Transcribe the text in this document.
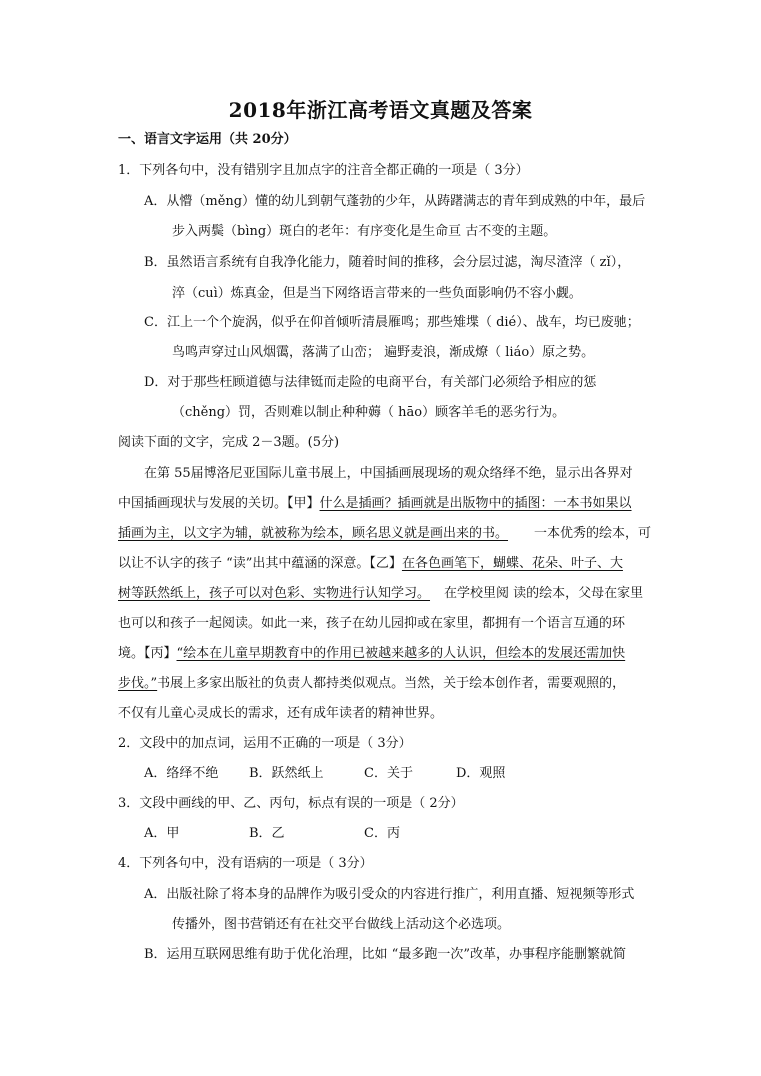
2018年浙江高考语文真题及答案
一、语言文字运用（共 20分）
1．下列各句中，没有错别字且加点字的注音全都正确的一项是（ 3分）
A．从懵（měng）懂的幼儿到朝气蓬勃的少年，从踌躇满志的青年到成熟的中年，最后
步入两鬓（bìng）斑白的老年：有序变化是生命亘 古不变的主题。
B．虽然语言系统有自我净化能力，随着时间的推移，会分层过滤，淘尽渣滓（ zǐ），
淬（cuì）炼真金，但是当下网络语言带来的一些负面影响仍不容小觑。
C．江上一个个旋涡，似乎在仰首倾听清晨雁鸣；那些雉堞（ dié）、战车，均已废驰；
鸟鸣声穿过山风烟霭，落满了山峦； 遍野麦浪，渐成燎（ liáo）原之势。
D．对于那些枉顾道德与法律铤而走险的电商平台，有关部门必须给予相应的惩
（chěng）罚，否则难以制止种种薅（ hāo）顾客羊毛的恶劣行为。
阅读下面的文字，完成 2－3题。(5分)
在第 55届博洛尼亚国际儿童书展上，中国插画展现场的观众络绎不绝，显示出各界对
中国插画现状与发展的关切。【甲】什么是插画？插画就是出版物中的插图：一本书如果以
插画为主，以文字为辅，就被称为绘本，顾名思义就是画出来的书。 一本优秀的绘本，可
以让不认字的孩子 “读”出其中蕴涵的深意。【乙】在各色画笔下，蝴蝶、花朵、叶子、大
树等跃然纸上，孩子可以对色彩、实物进行认知学习。 在学校里阅 读的绘本，父母在家里
也可以和孩子一起阅读。如此一来，孩子在幼儿园抑或在家里，都拥有一个语言互通的环
境。【丙】“绘本在儿童早期教育中的作用已被越来越多的人认识，但绘本的发展还需加快
步伐。”书展上多家出版社的负责人都持类似观点。当然，关于绘本创作者，需要观照的，
不仅有儿童心灵成长的需求，还有成年读者的精神世界。
2．文段中的加点词，运用不正确的一项是（ 3分）
A．络绎不绝 B．跃然纸上	C．关于	D．观照
3．文段中画线的甲、乙、丙句，标点有误的一项是（ 2分）
A．甲	B．乙	C．丙
4．下列各句中，没有语病的一项是（ 3分）
A．出版社除了将本身的品牌作为吸引受众的内容进行推广，利用直播、短视频等形式
传播外，图书营销还有在社交平台做线上活动这个必选项。
B．运用互联网思维有助于优化治理，比如 “最多跑一次”改革，办事程序能删繁就简
